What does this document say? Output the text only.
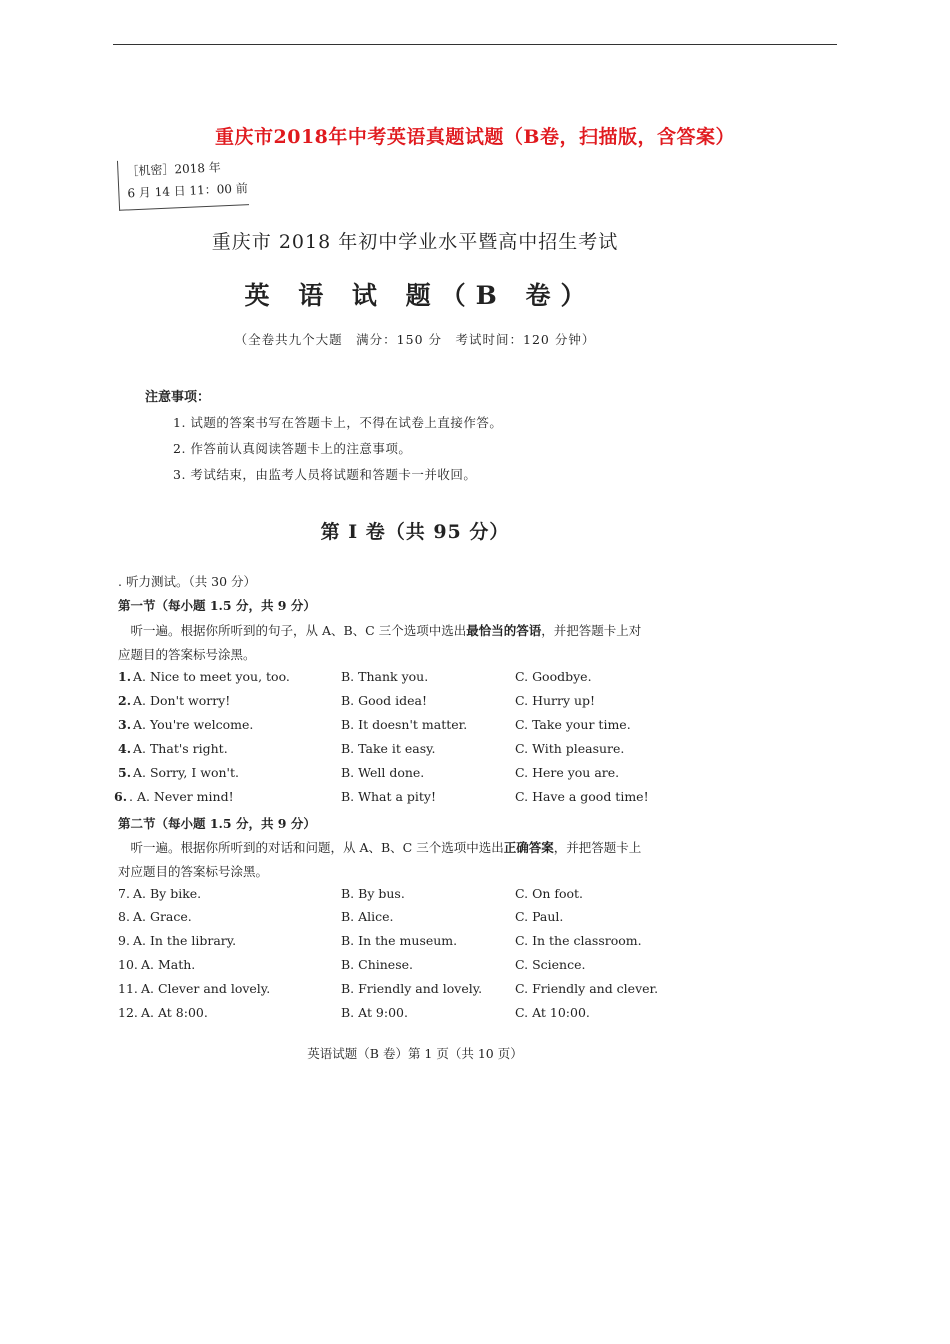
重庆市2018年中考英语真题试题（B卷，扫描版，含答案）
［机密］2018 年
6 月 14 日 11：00 前
重庆市 2018 年初中学业水平暨高中招生考试
英 语 试 题（B 卷）
（全卷共九个大题　满分：150 分　考试时间：120 分钟）
注意事项：
1. 试题的答案书写在答题卡上，不得在试卷上直接作答。
2. 作答前认真阅读答题卡上的注意事项。
3. 考试结束，由监考人员将试题和答题卡一并收回。
第 I 卷（共 95 分）
. 听力测试。（共 30 分）
第一节（每小题 1.5 分，共 9 分）
　听一遍。根据你所听到的句子，从 A、B、C 三个选项中选出最恰当的答语，并把答题卡上对
应题目的答案标号涂黑。
1. A. Nice to meet you, too.	B. Thank you.	C. Goodbye.
2. A. Don't worry!	B. Good idea!	C. Hurry up!
3. A. You're welcome.	B. It doesn't matter.	C. Take your time.
4. A. That's right.	B. Take it easy.	C. With pleasure.
5. A. Sorry, I won't.	B. Well done.	C. Here you are.
6. . A. Never mind!	B. What a pity!	C. Have a good time!
第二节（每小题 1.5 分，共 9 分）
　听一遍。根据你所听到的对话和问题，从 A、B、C 三个选项中选出正确答案，并把答题卡上
对应题目的答案标号涂黑。
7. A. By bike.	B. By bus.	C. On foot.
8. A. Grace.	B. Alice.	C. Paul.
9. A. In the library.	B. In the museum.	C. In the classroom.
10. A. Math.	B. Chinese.	C. Science.
11. A. Clever and lovely.	B. Friendly and lovely.	C. Friendly and clever.
12. A. At 8:00.	B. At 9:00.	C. At 10:00.
英语试题（B 卷）第 1 页（共 10 页）
